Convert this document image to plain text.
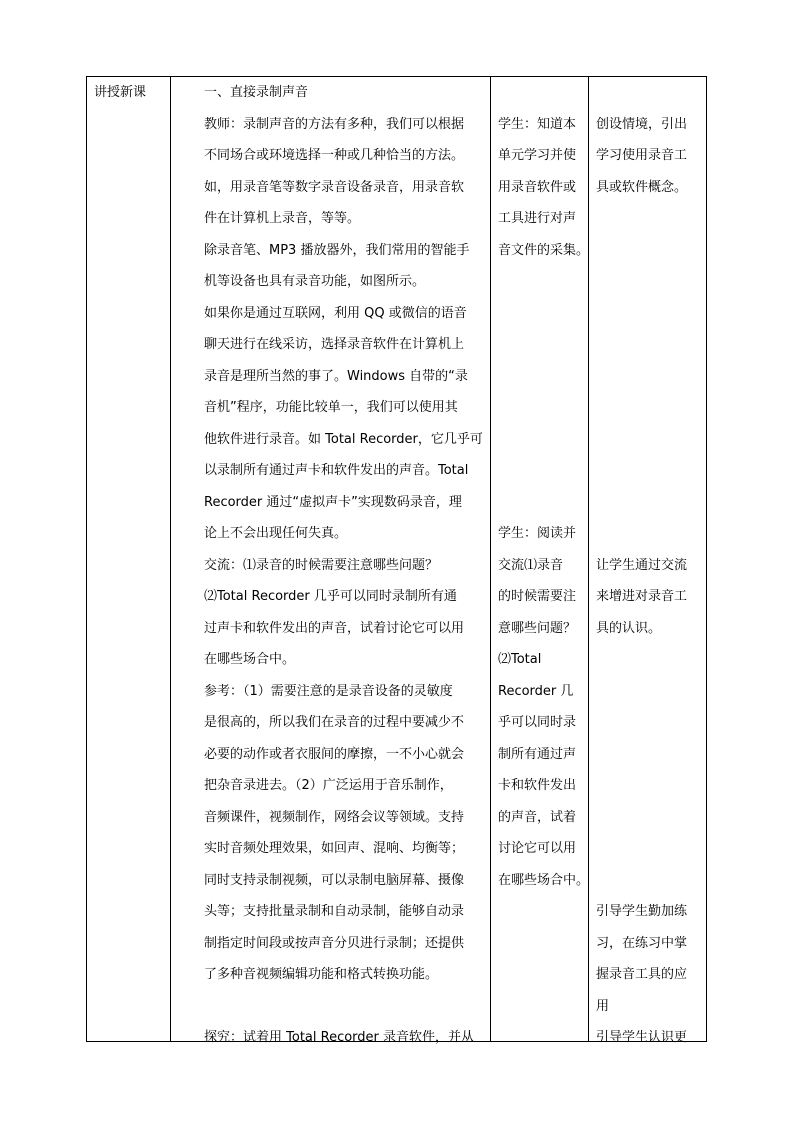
讲授新课	一、直接录制声音
教师：录制声音的方法有多种，我们可以根据
不同场合或环境选择一种或几种恰当的方法。
如，用录音笔等数字录音设备录音，用录音软
件在计算机上录音，等等。
除录音笔、MP3 播放器外，我们常用的智能手
机等设备也具有录音功能，如图所示。
如果你是通过互联网，利用 QQ 或微信的语音
聊天进行在线采访，选择录音软件在计算机上
录音是理所当然的事了。Windows 自带的“录
音机”程序，功能比较单一，我们可以使用其
他软件进行录音。如 Total Recorder，它几乎可
以录制所有通过声卡和软件发出的声音。Total
Recorder 通过“虚拟声卡”实现数码录音，理
论上不会出现任何失真。
交流：⑴录音的时候需要注意哪些问题？
⑵Total Recorder 几乎可以同时录制所有通
过声卡和软件发出的声音，试着讨论它可以用
在哪些场合中。
参考：（1）需要注意的是录音设备的灵敏度
是很高的，所以我们在录音的过程中要减少不
必要的动作或者衣服间的摩擦，一不小心就会
把杂音录进去。（2）广泛运用于音乐制作，
音频课件，视频制作，网络会议等领域。支持
实时音频处理效果，如回声、混响、均衡等；
同时支持录制视频，可以录制电脑屏幕、摄像
头等；支持批量录制和自动录制，能够自动录
制指定时间段或按声音分贝进行录制；还提供
了多种音视频编辑功能和格式转换功能。
探究：试着用 Total Recorder 录音软件，并从
学生：知道本
单元学习并使
用录音软件或
工具进行对声
音文件的采集。
学生：阅读并
交流⑴录音
的时候需要注
意哪些问题？
⑵Total
Recorder 几
乎可以同时录
制所有通过声
卡和软件发出
的声音，试着
讨论它可以用
在哪些场合中。
创设情境，引出
学习使用录音工
具或软件概念。
让学生通过交流
来增进对录音工
具的认识。
引导学生勤加练
习，在练习中掌
握录音工具的应
用
引导学生认识更
